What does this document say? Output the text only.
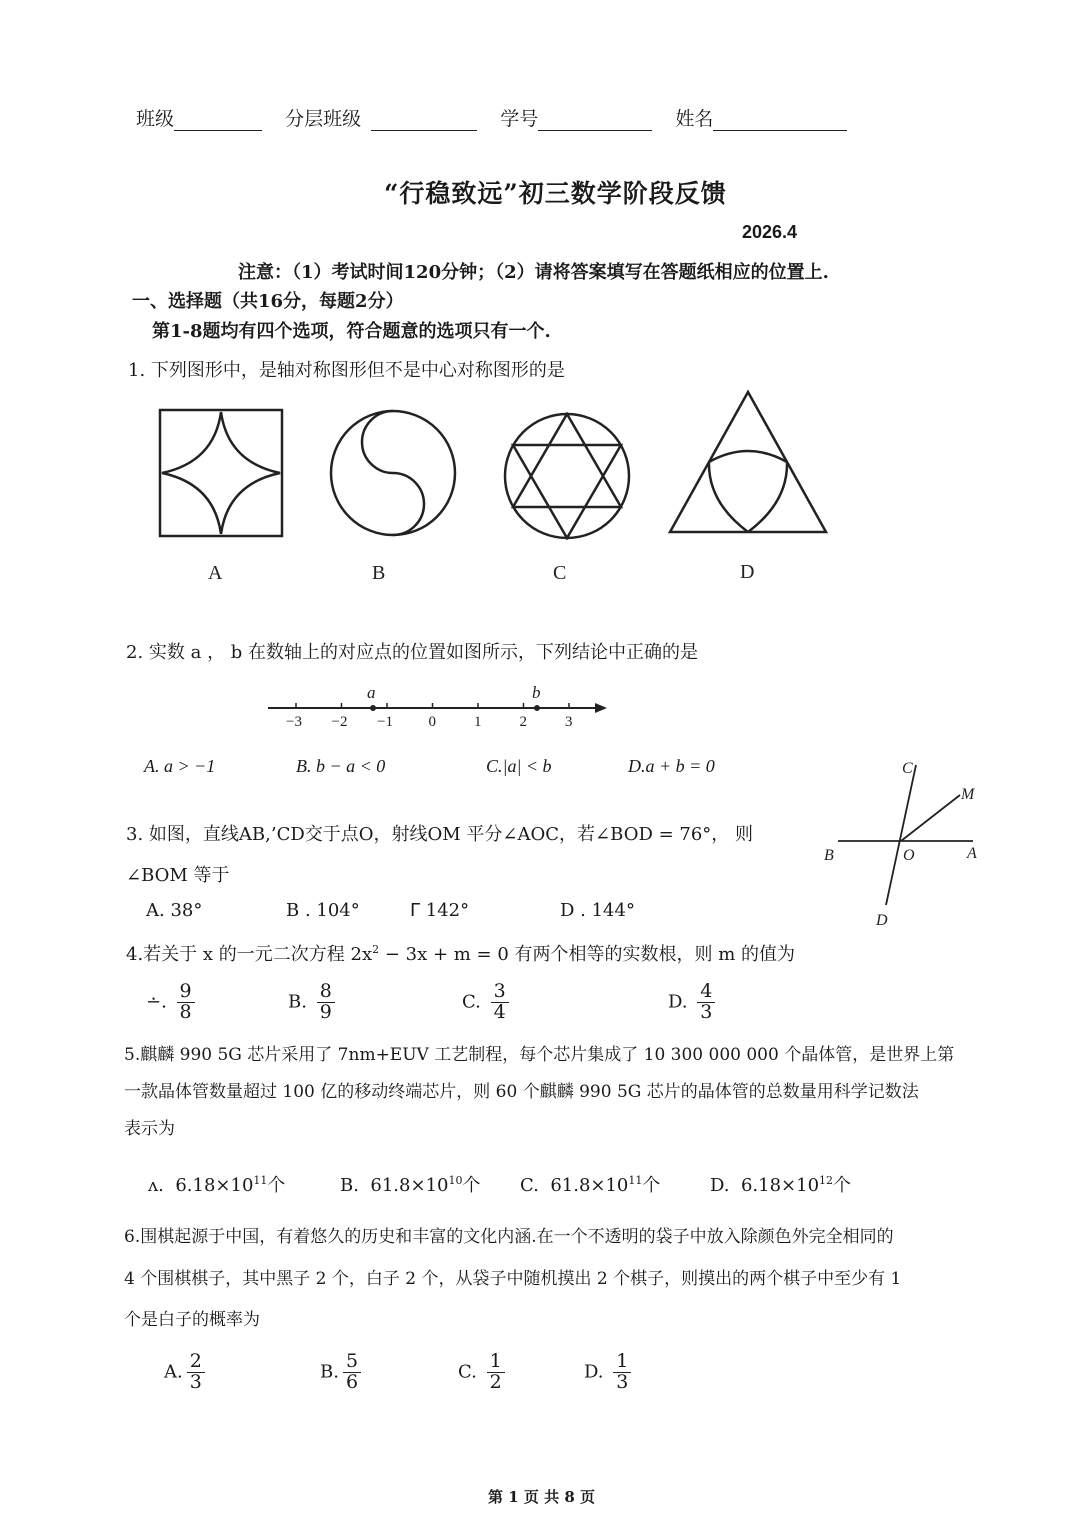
班级	分层班级	学号	姓名
“行稳致远”初三数学阶段反馈
2026.4
注意：（1）考试时间120分钟；（2）请将答案填写在答题纸相应的位置上.
一、选择题（共16分，每题2分）
第1-8题均有四个选项，符合题意的选项只有一个.
1. 下列图形中，是轴对称图形但不是中心对称图形的是
A	B	C	D
2. 实数 a ， b 在数轴上的对应点的位置如图所示，下列结论中正确的是
−3 −2 −1 0	1	2	3
a	b
A. a > −1	B. b − a < 0	C.|a| < b	D.a + b = 0
3. 如图，直线AB,’CD交于点O，射线OM 平分∠AOC，若∠BOD = 76°， 则
∠BOM 等于
A. 38°	B . 104°	ᒥ 142°	D . 144°
C
M
B	O	A
D
4.若关于 x 的一元二次方程 $2x^2 - 3x + m = 0$ 有两个相等的实数根，则 m 的值为
∸. $\frac{9}{8}$	B. $\frac{8}{9}$	C. $\frac{3}{4}$	D. $\frac{4}{3}$
5.麒麟 990 5G 芯片采用了 7nm+EUV 工艺制程，每个芯片集成了 10 300 000 000 个晶体管，是世界上第
一款晶体管数量超过 100 亿的移动终端芯片，则 60 个麒麟 990 5G 芯片的晶体管的总数量用科学记数法
表示为
ʌ. $6.18\times 10^{11}$个	B. $61.8\times 10^{10}$个 C. $61.8\times 10^{11}$个	D. $6.18\times 10^{12}$个
6.围棋起源于中国，有着悠久的历史和丰富的文化内涵.在一个不透明的袋子中放入除颜色外完全相同的
4 个围棋棋子，其中黑子 2 个，白子 2 个，从袋子中随机摸出 2 个棋子，则摸出的两个棋子中至少有 1
个是白子的概率为
A. $\frac{2}{3}$	B. $\frac{5}{6}$	C. $\frac{1}{2}$	D. $\frac{1}{3}$
第 1 页 共 8 页
